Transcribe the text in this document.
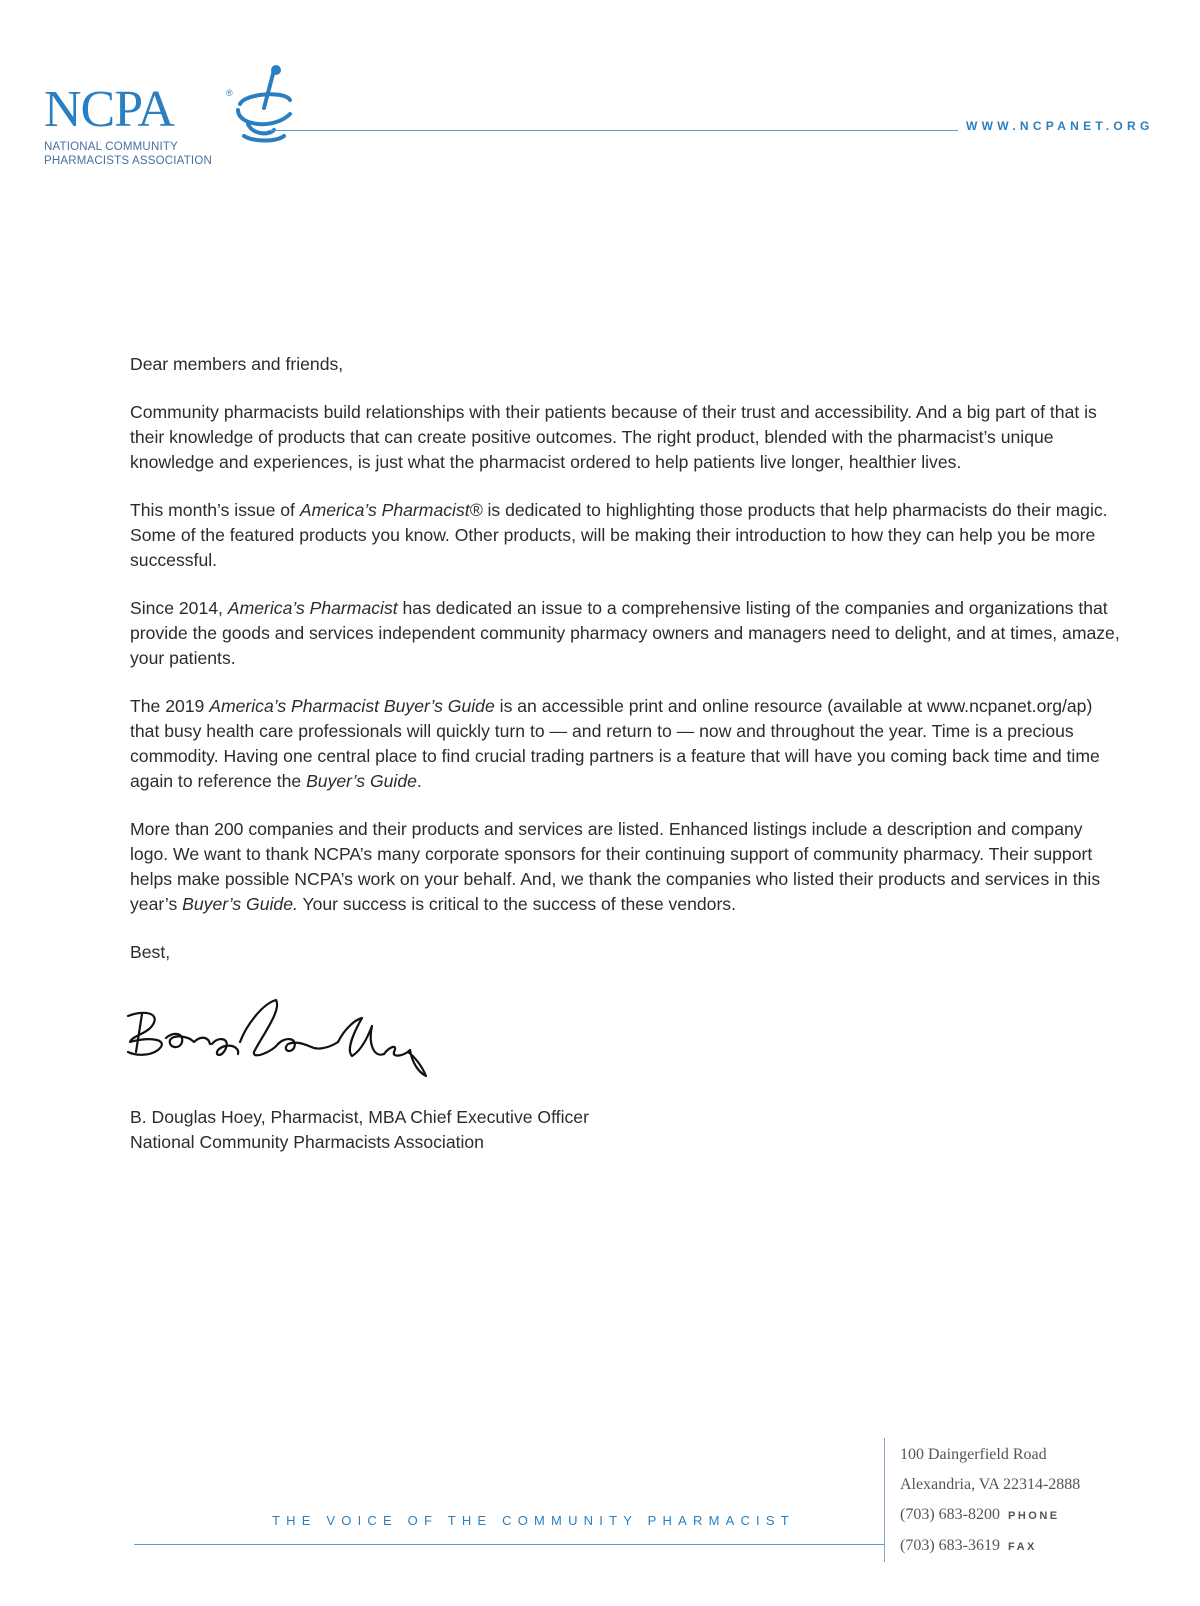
NCPA	®
NATIONAL COMMUNITY
PHARMACISTS ASSOCIATION
WWW.NCPANET.ORG

Dear members and friends,

Community pharmacists build relationships with their patients because of their trust and accessibility. And a big part of that is their knowledge of products that can create positive outcomes. The right product, blended with the pharmacist’s unique knowledge and experiences, is just what the pharmacist ordered to help patients live longer, healthier lives.

This month’s issue of America’s Pharmacist® is dedicated to highlighting those products that help pharmacists do their magic. Some of the featured products you know. Other products, will be making their introduction to how they can help you be more successful.

Since 2014, America’s Pharmacist has dedicated an issue to a comprehensive listing of the companies and organizations that provide the goods and services independent community pharmacy owners and managers need to delight, and at times, amaze, your patients.

The 2019 America’s Pharmacist Buyer’s Guide is an accessible print and online resource (available at www.ncpanet.org/ap) that busy health care professionals will quickly turn to — and return to — now and throughout the year. Time is a precious commodity. Having one central place to find crucial trading partners is a feature that will have you coming back time and time again to reference the Buyer’s Guide.

More than 200 companies and their products and services are listed. Enhanced listings include a description and company logo. We want to thank NCPA’s many corporate sponsors for their continuing support of community pharmacy. Their support helps make possible NCPA’s work on your behalf. And, we thank the companies who listed their products and services in this year’s Buyer’s Guide. Your success is critical to the success of these vendors.

Best,

B. Douglas Hoey, Pharmacist, MBA Chief Executive Officer
National Community Pharmacists Association
THE VOICE OF THE COMMUNITY PHARMACIST
100 Daingerfield Road
Alexandria, VA 22314-2888
(703) 683-8200 PHONE
(703) 683-3619 FAX
